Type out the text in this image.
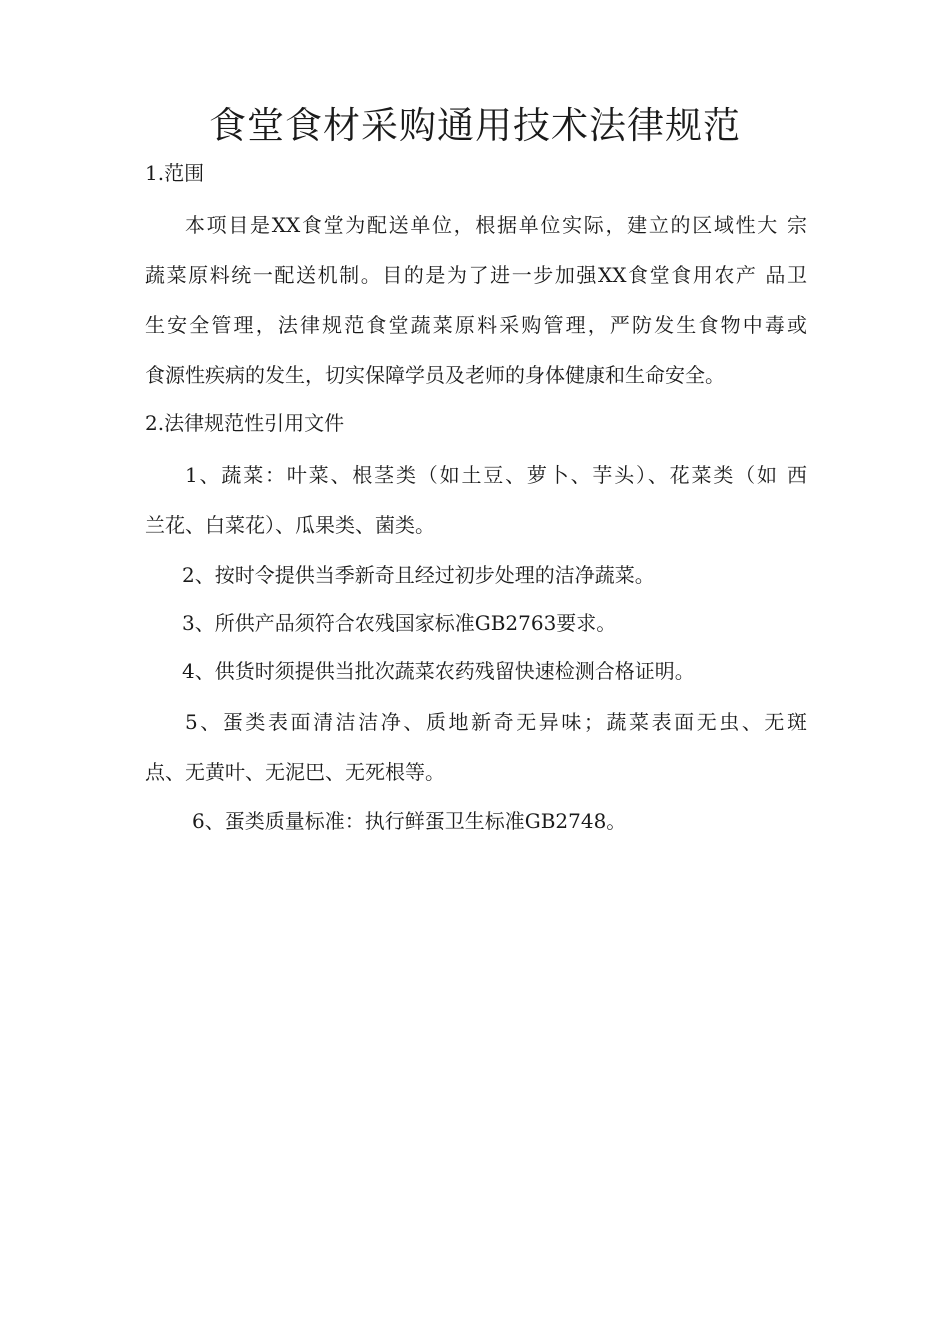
食堂食材采购通用技术法律规范

1.范围

本项目是XX食堂为配送单位，根据单位实际，建立的区域性大 宗

蔬菜原料统一配送机制。目的是为了进一步加强XX食堂食用农产 品卫

生安全管理，法律规范食堂蔬菜原料采购管理，严防发生食物中毒或

食源性疾病的发生，切实保障学员及老师的身体健康和生命安全。

2.法律规范性引用文件

1、蔬菜：叶菜、根茎类（如土豆、萝卜、芋头）、花菜类（如 西

兰花、白菜花）、瓜果类、菌类。

2、按时令提供当季新奇且经过初步处理的洁净蔬菜。

3、所供产品须符合农残国家标准GB2763要求。

4、供货时须提供当批次蔬菜农药残留快速检测合格证明。

5、蛋类表面清洁洁净、质地新奇无异味；蔬菜表面无虫、无斑

点、无黄叶、无泥巴、无死根等。

6、蛋类质量标准：执行鲜蛋卫生标准GB2748。
